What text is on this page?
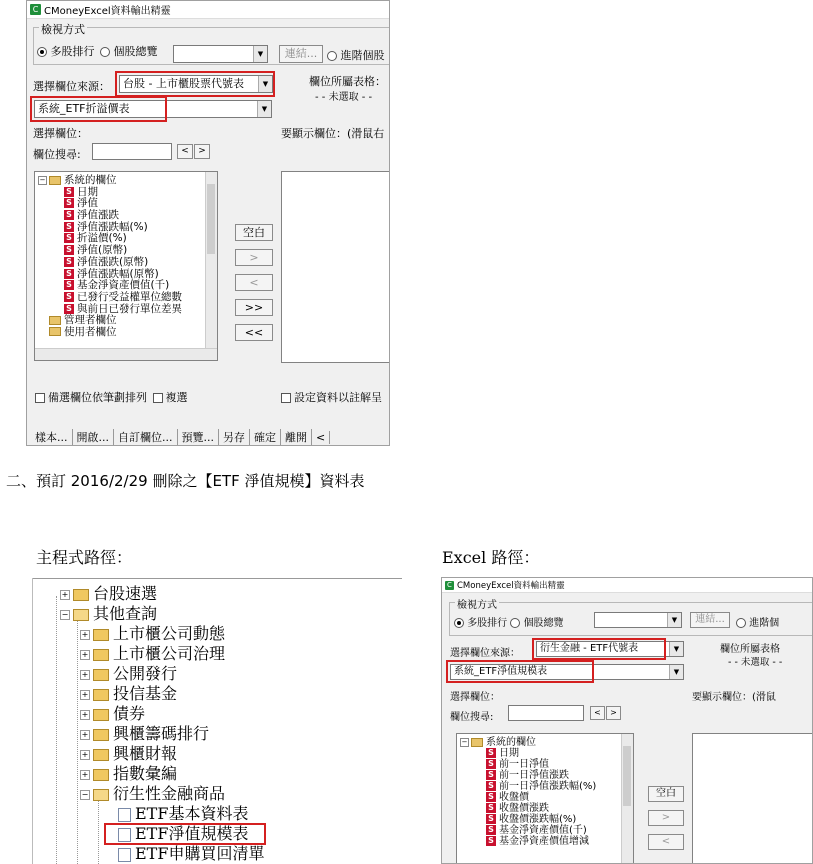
C CMoneyExcel資料輸出精靈
檢視方式
多股排行 個股總覽	▼	連結...	進階個股
選擇欄位來源：	台股 - 上市櫃股票代號表	▼	欄位所屬表格：
- - 未選取 - -
系統_ETF折溢價表	▼
選擇欄位：	要顯示欄位：(滑鼠右
欄位搜尋:	<	>
− 系統的欄位
S 日期
S 淨值
S 淨值漲跌
S 淨值漲跌幅(%)
S 折溢價(%)
S 淨值(原幣)
S 淨值漲跌(原幣)
S 淨值漲跌幅(原幣)
S 基金淨資產價值(千)
S 已發行受益權單位總數
S 與前日已發行單位差異
管理者欄位
使用者欄位
空白
>
<
>>
<<
備選欄位依筆劃排列 複選	設定資料以註解呈
樣本... 開啟... 自訂欄位... 預覽... 另存 確定 離開 <
二、預訂 2016/2/29 刪除之【ETF 淨值規模】資料表
主程式路徑：	Excel 路徑：
+ 台股速選
− 其他查詢
+ 上市櫃公司動態
+ 上市櫃公司治理
+ 公開發行
+ 投信基金
+ 債券
+ 興櫃籌碼排行
+ 興櫃財報
+ 指數彙編
− 衍生性金融商品
ETF基本資料表
ETF淨值規模表
ETF申購買回清單
C CMoneyExcel資料輸出精靈
檢視方式
多股排行 個股總覽	▼	連結...	進階個
選擇欄位來源：	衍生金融 - ETF代號表	▼	欄位所屬表格
- - 未選取 - -
系統_ETF淨值規模表	▼
選擇欄位：	要顯示欄位：(滑鼠
欄位搜尋:	<	>
− 系統的欄位
S 日期
S 前一日淨值
S 前一日淨值漲跌
S 前一日淨值漲跌幅(%)
S 收盤價
S 收盤價漲跌
S 收盤價漲跌幅(%)
S 基金淨資產價值(千)
S 基金淨資產價值增減
空白
>
<
